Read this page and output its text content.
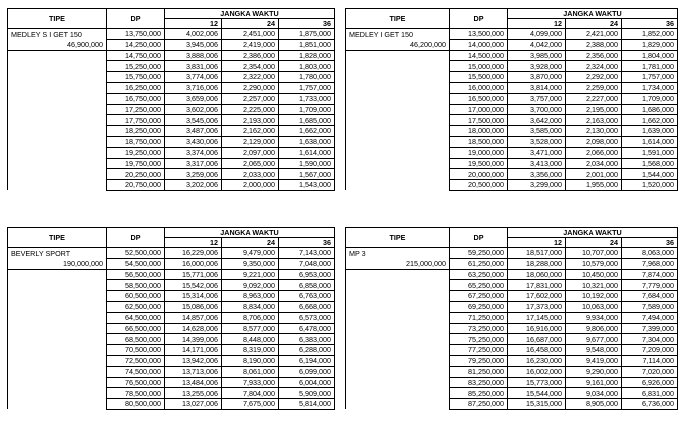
TIPE	DP	JANGKA WAKTU		
		12	24	36
MEDLEY S I GET 150	13,750,000	4,002,006	2,451,000	1,875,000
46,900,000	14,250,000	3,945,006	2,419,000	1,851,000
	14,750,000	3,888,006	2,386,000	1,828,000
	15,250,000	3,831,006	2,354,000	1,803,000
	15,750,000	3,774,006	2,322,000	1,780,000
	16,250,000	3,716,006	2,290,000	1,757,000
	16,750,000	3,659,006	2,257,000	1,733,000
	17,250,000	3,602,006	2,225,000	1,709,000
	17,750,000	3,545,006	2,193,000	1,685,000
	18,250,000	3,487,006	2,162,000	1,662,000
	18,750,000	3,430,006	2,129,000	1,638,000
	19,250,000	3,374,006	2,097,000	1,614,000
	19,750,000	3,317,006	2,065,000	1,590,000
	20,250,000	3,259,006	2,033,000	1,567,000
	20,750,000	3,202,006	2,000,000	1,543,000
TIPE	DP	JANGKA WAKTU		
		12	24	36
MEDLEY I GET 150	13,500,000	4,099,000	2,421,000	1,852,000
46,200,000	14,000,000	4,042,000	2,388,000	1,829,000
	14,500,000	3,985,000	2,356,000	1,804,000
	15,000,000	3,928,000	2,324,000	1,781,000
	15,500,000	3,870,000	2,292,000	1,757,000
	16,000,000	3,814,000	2,259,000	1,734,000
	16,500,000	3,757,000	2,227,000	1,709,000
	17,000,000	3,700,000	2,195,000	1,686,000
	17,500,000	3,642,000	2,163,000	1,662,000
	18,000,000	3,585,000	2,130,000	1,639,000
	18,500,000	3,528,000	2,098,000	1,614,000
	19,000,000	3,471,000	2,066,000	1,591,000
	19,500,000	3,413,000	2,034,000	1,568,000
	20,000,000	3,356,000	2,001,000	1,544,000
	20,500,000	3,299,000	1,955,000	1,520,000
TIPE	DP	JANGKA WAKTU		
		12	24	36
BEVERLY SPORT	52,500,000	16,229,006	9,479,000	7,143,000
190,000,000	54,500,000	16,000,006	9,350,000	7,048,000
	56,500,000	15,771,006	9,221,000	6,953,000
	58,500,000	15,542,006	9,092,000	6,858,000
	60,500,000	15,314,006	8,963,000	6,763,000
	62,500,000	15,086,006	8,834,000	6,668,000
	64,500,000	14,857,006	8,706,000	6,573,000
	66,500,000	14,628,006	8,577,000	6,478,000
	68,500,000	14,399,006	8,448,000	6,383,000
	70,500,000	14,171,006	8,319,000	6,288,000
	72,500,000	13,942,006	8,190,000	6,194,000
	74,500,000	13,713,006	8,061,000	6,099,000
	76,500,000	13,484,006	7,933,000	6,004,000
	78,500,000	13,255,006	7,804,000	5,909,000
	80,500,000	13,027,006	7,675,000	5,814,000
TIPE	DP	JANGKA WAKTU		
		12	24	36
MP 3	59,250,000	18,517,000	10,707,000	8,063,000
215,000,000	61,250,000	18,288,000	10,579,000	7,968,000
	63,250,000	18,060,000	10,450,000	7,874,000
	65,250,000	17,831,000	10,321,000	7,779,000
	67,250,000	17,602,000	10,192,000	7,684,000
	69,250,000	17,373,000	10,063,000	7,589,000
	71,250,000	17,145,000	9,934,000	7,494,000
	73,250,000	16,916,000	9,806,000	7,399,000
	75,250,000	16,687,000	9,677,000	7,304,000
	77,250,000	16,458,000	9,548,000	7,209,000
	79,250,000	16,230,000	9,419,000	7,114,000
	81,250,000	16,002,000	9,290,000	7,020,000
	83,250,000	15,773,000	9,161,000	6,926,000
	85,250,000	15,544,000	9,034,000	6,831,000
	87,250,000	15,315,000	8,905,000	6,736,000
